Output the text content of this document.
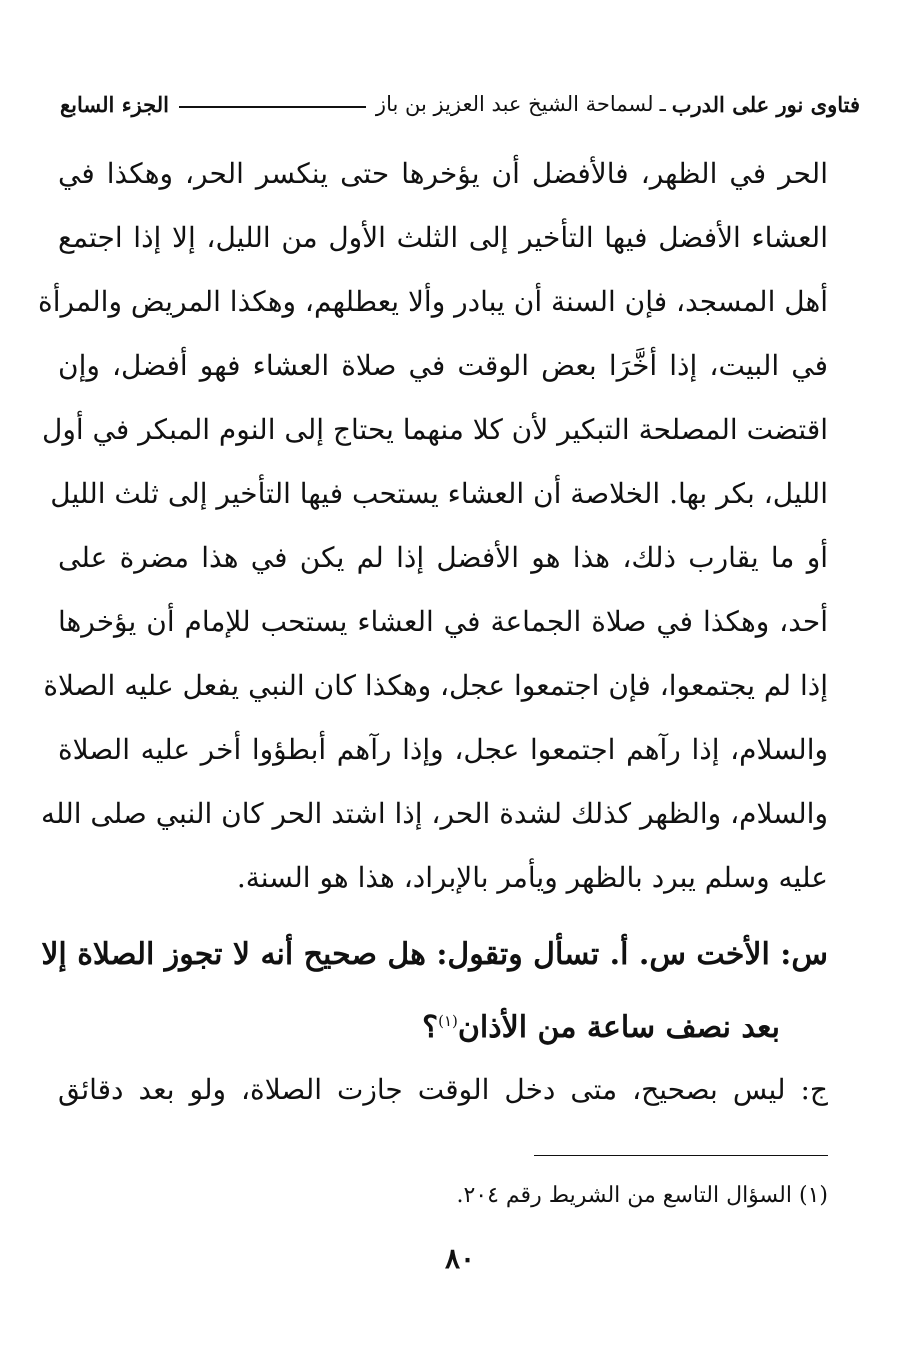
فتاوى نور على الدرب
ـ
لسماحة الشيخ عبد العزيز بن باز
الجزء السابع
الحر في الظهر، فالأفضل أن يؤخرها حتى ينكسر الحر، وهكذا في
العشاء الأفضل فيها التأخير إلى الثلث الأول من الليل، إلا إذا اجتمع
أهل المسجد، فإن السنة أن يبادر وألا يعطلهم، وهكذا المريض والمرأة
في البيت، إذا أخَّرَا بعض الوقت في صلاة العشاء فهو أفضل، وإن
اقتضت المصلحة التبكير لأن كلا منهما يحتاج إلى النوم المبكر في أول
الليل، بكر بها. الخلاصة أن العشاء يستحب فيها التأخير إلى ثلث الليل
أو ما يقارب ذلك، هذا هو الأفضل إذا لم يكن في هذا مضرة على
أحد، وهكذا في صلاة الجماعة في العشاء يستحب للإمام أن يؤخرها
إذا لم يجتمعوا، فإن اجتمعوا عجل، وهكذا كان النبي يفعل عليه الصلاة
والسلام، إذا رآهم اجتمعوا عجل، وإذا رآهم أبطؤوا أخر عليه الصلاة
والسلام، والظهر كذلك لشدة الحر، إذا اشتد الحر كان النبي صلى الله
عليه وسلم يبرد بالظهر ويأمر بالإبراد، هذا هو السنة.
س: الأخت س. أ. تسأل وتقول: هل صحيح أنه لا تجوز الصلاة إلا
بعد نصف ساعة من الأذان$^{(١)}$؟
ج: ليس بصحيح، متى دخل الوقت جازت الصلاة، ولو بعد دقائق
(١) السؤال التاسع من الشريط رقم ٢٠٤.
٨٠
